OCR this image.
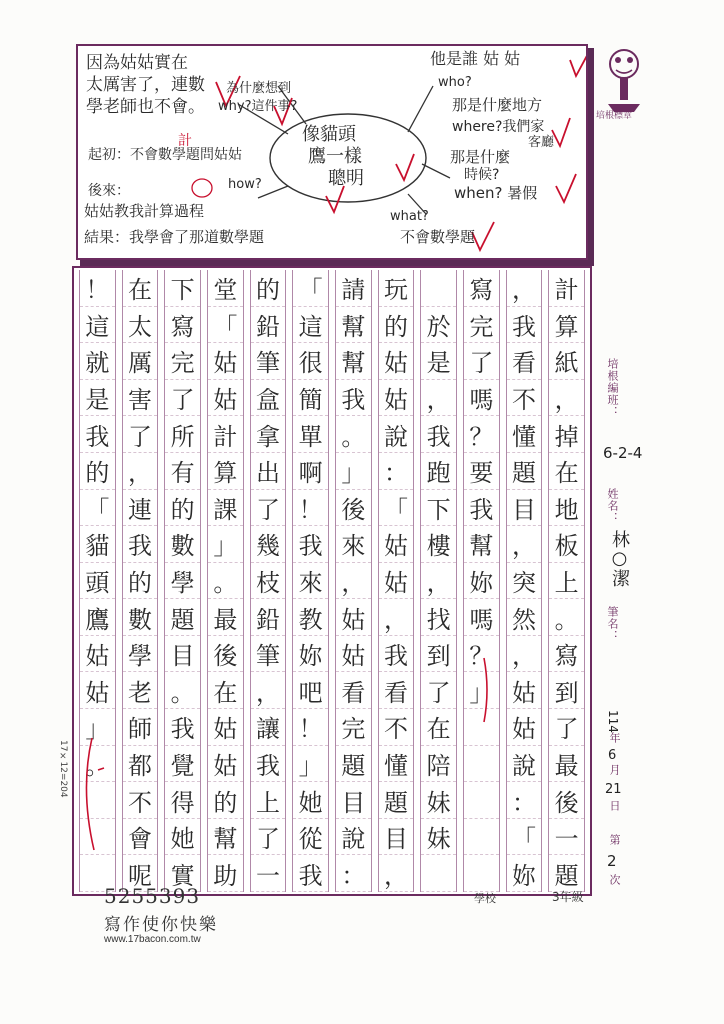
因為姑姑實在
太厲害了，連數
學老師也不會。
為什麼想到
why?這件事?
像貓頭
鷹一樣
聰明
他是誰 姑 姑
who?
那是什麼地方
where?我們家
客廳
那是什麼
時候?
when? 暑假
起初：不會數學題問姑姑
計
how?
後來：
姑姑教我計算過程
結果：我學會了那道數學題
what?
不會數學題
培根標章
計
算
紙
，
掉
在
地
板
上
。
寫
到
了
最
後
一
題
，
我
看
不
懂
題
目
，
突
然
，
姑
姑
說
：
「
妳
寫
完
了
嗎
？
要
我
幫
妳
嗎
？
」
於
是
，
我
跑
下
樓
，
找
到
了
在
陪
妹
妹
玩
的
姑
姑
說
：
「
姑
姑
，
我
看
不
懂
題
目
，
請
幫
幫
我
。
」
後
來
，
姑
姑
看
完
題
目
說
：
「
這
很
簡
單
啊
！
我
來
教
妳
吧
！
」
她
從
我
的
鉛
筆
盒
拿
出
了
幾
枝
鉛
筆
，
讓
我
上
了
一
堂
「
姑
姑
計
算
課
」
。
最
後
在
姑
姑
的
幫
助
下
寫
完
了
所
有
的
數
學
題
目
。
我
覺
得
她
實
在
太
厲
害
了
，
連
我
的
數
學
老
師
都
不
會
呢
！
這
就
是
我
的
「
貓
頭
鷹
姑
姑
」
。
培根編班：
6-2-4
姓名：
林○潔
筆名：
114
年
6
月
21
日
第
2
次
17×12=204
5255393
寫作使你快樂
www.17bacon.com.tw
學校	3年級
